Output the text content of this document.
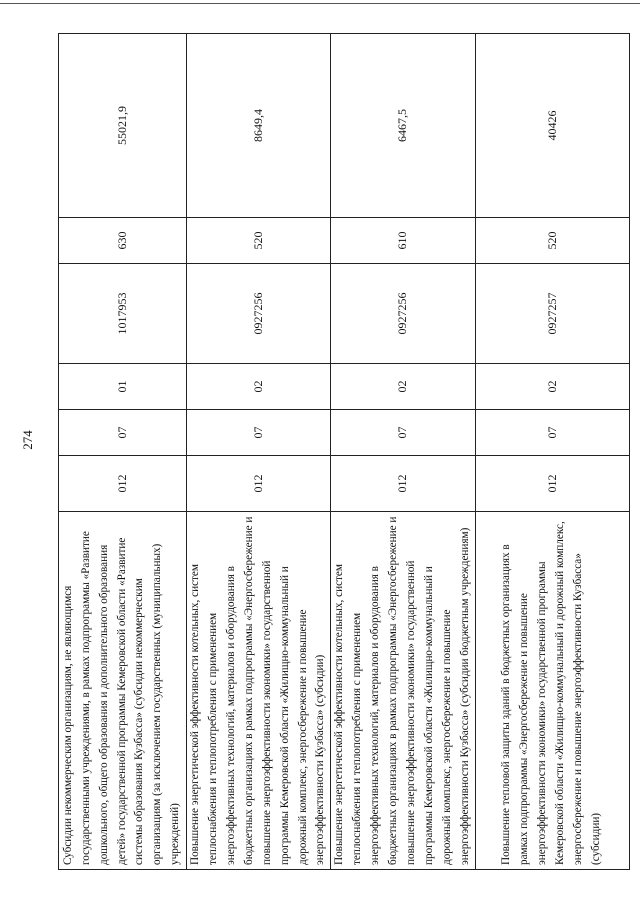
274
Субсидии некоммерческим организациям, не являющимся государственными учреждениями, в рамках подпрограммы «Развитие дошкольного, общего образования и дополнительного образования детей» государственной программы Кемеровской области «Развитие системы образования Кузбасса» (субсидии некоммерческим организациям (за исключением государственных (муниципальных) учреждений)	012	07	01	1017953	630	55021,9
Повышение энергетической эффективности котельных, систем теплоснабжения и теплопотребления с применением энергоэффективных технологий, материалов и оборудования в бюджетных организациях в рамках подпрограммы «Энергосбережение и повышение энергоэффективности экономики» государственной программы Кемеровской области «Жилищно-коммунальный и дорожный комплекс, энергосбережение и повышение энергоэффективности Кузбасса» (субсидии)	012	07	02	0927256	520	8649,4
Повышение энергетической эффективности котельных, систем теплоснабжения и теплопотребления с применением энергоэффективных технологий, материалов и оборудования в бюджетных организациях в рамках подпрограммы «Энергосбережение и повышение энергоэффективности экономики» государственной программы Кемеровской области «Жилищно-коммунальный и дорожный комплекс, энергосбережение и повышение энергоэффективности Кузбасса» (субсидии бюджетным учреждениям)	012	07	02	0927256	610	6467,5
Повышение тепловой защиты зданий в бюджетных организациях в рамках подпрограммы «Энергосбережение и повышение энергоэффективности экономики» государственной программы Кемеровской области «Жилищно-коммунальный и дорожный комплекс, энергосбережение и повышение энергоэффективности Кузбасса» (субсидии)	012	07	02	0927257	520	40426
